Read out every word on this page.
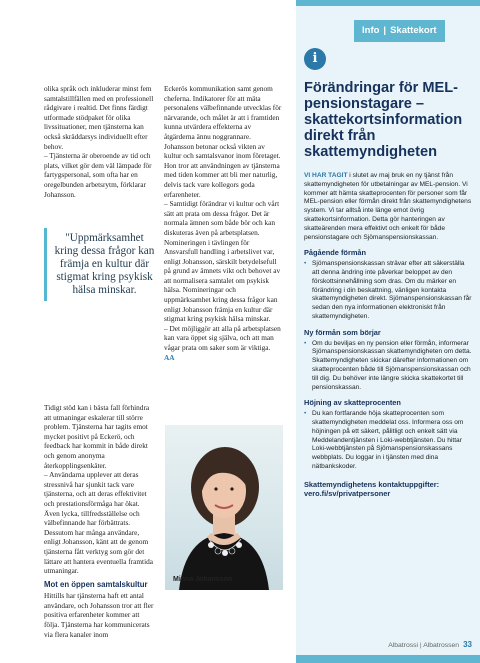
olika språk och inkluderar minst fem samtalstillfällen med en professionell rådgivare i realtid. Det finns färdigt utformade stödpaket för olika livssituationer, men tjänsterna kan också skräddarsys individuellt efter behov.
– Tjänsterna är oberoende av tid och plats, vilket gör dem väl lämpade för fartygspersonal, som ofta har en oregelbunden arbetsrytm, förklarar Johansson.

"Uppmärksamhet kring dessa frågor kan främja en kultur där stigmat kring psykisk hälsa minskar.

Tidigt stöd kan i bästa fall förhindra att utmaningar eskalerar till större problem. Tjänsterna har tagits emot mycket positivt på Eckerö, och feedback har kommit in både direkt och genom anonyma återkopplingsenkäter.
– Användarna upplever att deras stressnivå har sjunkit tack vare tjänsterna, och att deras effektivitet och prestationsförmåga har ökat. Även lycka, tillfredsställelse och välbefinnande har förbättrats.
Dessutom har många användare, enligt Johansson, känt att de genom tjänsterna fått verktyg som gör det lättare att hantera eventuella framtida utmaningar.

Mot en öppen samtalskultur

Hittills har tjänsterna haft ett antal användare, och Johansson tror att fler positiva erfarenheter kommer att följa. Tjänsterna har kommunicerats via flera kanaler inom

Eckerös kommunikation samt genom cheferna. Indikatorer för att mäta personalens välbefinnande utvecklas för närvarande, och målet är att i framtiden kunna utvärdera effekterna av åtgärderna ännu noggrannare.
Johansson betonar också vikten av kultur och samtalsvanor inom företaget. Hon tror att användningen av tjänsterna med tiden kommer att bli mer naturlig, delvis tack vare kollegors goda erfarenheter.
– Samtidigt förändrar vi kultur och vårt sätt att prata om dessa frågor. Det är normala ämnen som både bör och kan diskuteras även på arbetsplatsen.
Nomineringen i tävlingen för Ansvarsfull handling i arbetslivet var, enligt Johansson, särskilt betydelsefull på grund av ämnets vikt och behovet av att normalisera samtalet om psykisk hälsa. Nomineringar och uppmärksamhet kring dessa frågor kan enligt Johansson främja en kultur där stigmat kring psykisk hälsa minskar.
– Det möjliggör att alla på arbetsplatsen kan vara öppet sig själva, och att man vågar prata om saker som är viktiga. AA

Minna Johansson
Info | Skattekort
i
Förändringar för MEL-pensionstagare – skattekortsinformation direkt från skattemyndigheten

VI HAR TAGIT i slutet av maj bruk en ny tjänst från skattemyndigheten för utbetalningar av MEL-pension. Vi kommer att hämta skatteprocenten för personer som får MEL-pension eller förmån direkt från skattemyndighetens system. Vi tar alltså inte länge emot övrig skattekortsinformation. Detta gör hanteringen av skatteärenden mera effektivt och enkelt för både pensionstagare och Sjömanspensionskassan.

Pågående förmån

• Sjömanspensionskassan strävar efter att säkerställa att denna ändring inte påverkar beloppet av den förskottsinnehållning som dras. Om du märker en förändring i din beskattning, vänligen kontakta skattemyndigheten direkt. Sjömanspensionskassan får sedan den nya informationen elektroniskt från skattemyndigheten.

Ny förmån som börjar

• Om du beviljas en ny pension eller förmån, informerar Sjömanspensionskassan skattemyndigheten om detta. Skattemyndigheten skickar därefter informationen om skatteprocenten både till Sjömanspensionskassan och till dig. Du behöver inte längre skicka skattekortet till pensionskassan.

Höjning av skatteprocenten

• Du kan fortfarande höja skatteprocenten som skattemyndigheten meddelat oss. Informera oss om höjningen på ett säkert, pålitligt och enkelt sätt via Meddelandentjänsten i Loki-webbtjänsten. Du hittar Loki-webbtjänsten på Sjömanspensionskassans webbplats. Du loggar in i tjänsten med dina nätbankskoder.

Skattemyndighetens kontaktuppgifter: vero.fi/sv/privatpersoner

Albatrossi | Albatrossen 33
